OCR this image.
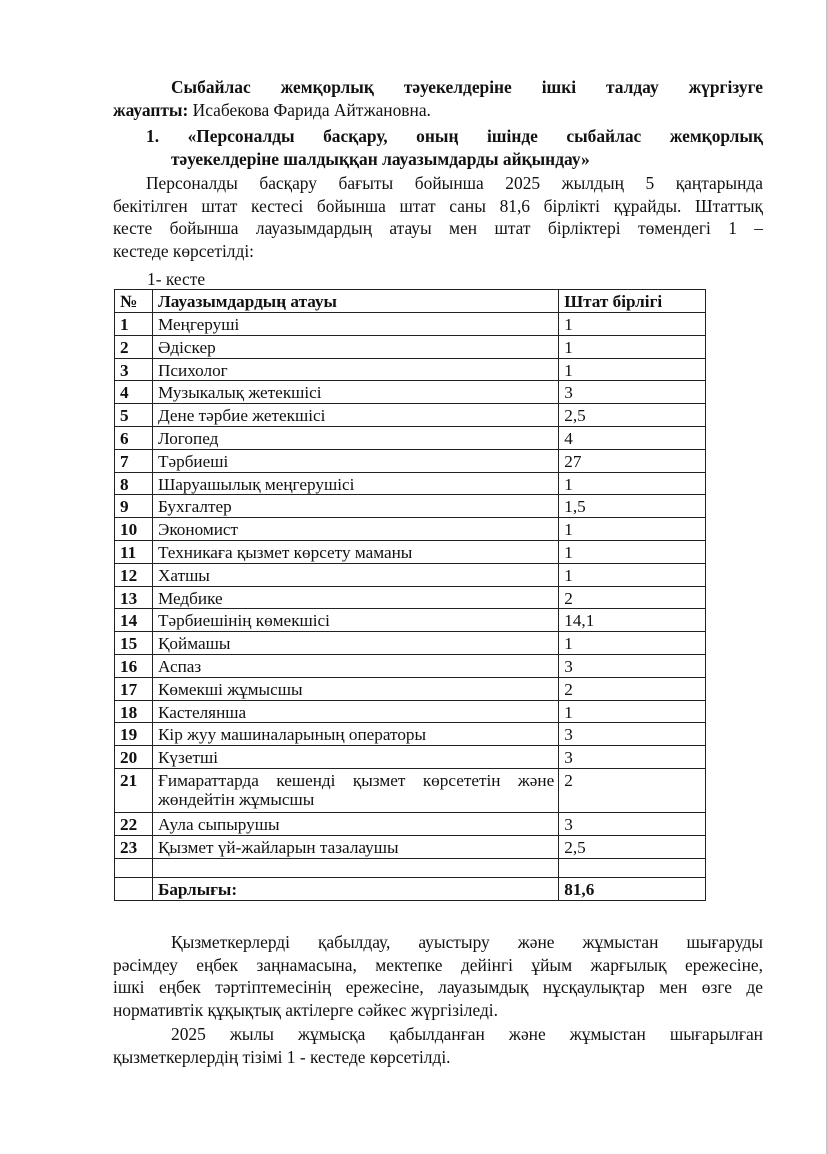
Сыбайлас жемқорлық тәуекелдеріне ішкі талдау жүргізуге
жауапты: Исабекова Фарида Айтжановна.
1. «Персоналды басқару, оның ішінде сыбайлас жемқорлық
тәуекелдеріне шалдыққан лауазымдарды айқындау»
Персоналды басқару бағыты бойынша 2025 жылдың 5 қаңтарында
бекітілген штат кестесі бойынша штат саны 81,6 бірлікті құрайды. Штаттық
кесте бойынша лауазымдардың атауы мен штат бірліктері төмендегі 1 –
кестеде көрсетілді:
1- кесте
№	Лауазымдардың атауы	Штат бірлігі
1	Меңгеруші	1
2	Әдіскер	1
3	Психолог	1
4	Музыкалық жетекшісі	3
5	Дене тәрбие жетекшісі	2,5
6	Логопед	4
7	Тәрбиеші	27
8	Шаруашылық меңгерушісі	1
9	Бухгалтер	1,5
10	Экономист	1
11	Техникаға қызмет көрсету маманы	1
12	Хатшы	1
13	Медбике	2
14	Тәрбиешінің көмекшісі	14,1
15	Қоймашы	1
16	Аспаз	3
17	Көмекші жұмысшы	2
18	Кастелянша	1
19	Кір жуу машиналарының операторы	3
20	Күзетші	3
21	Ғимараттарда кешенді қызмет көрсететін және
жөндейтін жұмысшы	2
22	Аула сыпырушы	3
23	Қызмет үй-жайларын тазалаушы	2,5

	Барлығы:	81,6
Қызметкерлерді қабылдау, ауыстыру және жұмыстан шығаруды
рәсімдеу еңбек заңнамасына, мектепке дейінгі ұйым жарғылық ережесіне,
ішкі еңбек тәртіптемесінің ережесіне, лауазымдық нұсқаулықтар мен өзге де
нормативтік құқықтық актілерге сәйкес жүргізіледі.
2025 жылы жұмысқа қабылданған және жұмыстан шығарылған
қызметкерлердің тізімі 1 - кестеде көрсетілді.
